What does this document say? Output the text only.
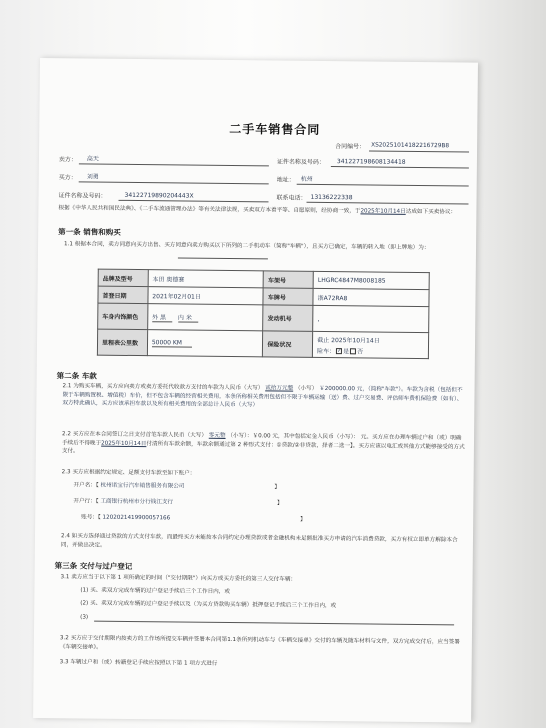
二手车销售合同
合同编号： XS20251014182216729B8
卖方： 高天	证件名称及号码： 341227198608134418
买方： 刘勇	地址： 杭州
证件名称及号码：	34122719890204443X	联系电话： 13136222338
根据《中华人民共和国民法典》、《二手车流通管理办法》等有关法律法规，买卖双方本着平等、自愿原则，经协商一致，于2025年10月14日达成如下买卖协议：
第一条 销售和购买
1.1 根据本合同，卖方同意向买方出售、买方同意向卖方购买以下所列的二手机动车（简称"车辆"），且买方已确定，车辆的转入地（即上牌地）为：
品牌及型号	本田 奥德赛	车架号	LHGRC4847M8008185
首登日期	2021年02月01日	车牌号	浙A72RA8
车身内饰颜色	外 黑 内 米	发动机号	，
里程表公里数	50000 KM	保险状况	截止 2025年10月14日
险车： ✓ 是 否
第二条 车款
2.1 为购买车辆，买方应向卖方或卖方委托代收款方支付的车款为人民币（大写） 贰拾万元整 （小写） ￥200000.00 元，（简称"车款"）。车款为含税（包括但不限于车辆购置税、增值税）车价，但不包含车辆的经营相关费用，本条所称相关费用包括但不限于车辆运输（送）费、过户交易费、评估师车费机保险费（如有）、双方特此确认，买方应该承担车款以及所有相关费用的全部总计人民币（大写）
2.2 买方应在本合同签订之日支付首笔车款人民币（大写） 零元整 （小写）：￥0.00 元，其中包括定金人民币（小写）： 元。买方应在办理车辆过户和（或）明确手续后不得晚于2025年10月14日付清所有车款余额，车款余额通过第 2 种形式支付：①贷款/②非贷款，择者二选一】。买方应该以电汇或其他方式能够接受的方式支付。
2.3 买方应根据约定规定、足额支付车款至如下账户：
开户名：【 杭州诺宝行汽车销售服务有限公司	】
开户行：【 工商银行杭州市分行钱江支行	】
账号：【 1202021419900057166	】
2.4 如买方选择通过贷款的方式支付车款，而最终买方未能按本合同约定办理贷款或者金融机构未足额批准买方申请的汽车消费贷款，买方有权立即单方解除本合同，并做出决定。
第三条 交付与过户登记
3.1 卖方应当于以下第 1 项所确定的时间（"交付期限"）向买方或买方委托的第三人交付车辆：
(1) 买、卖双方完成车辆的过户登记手续后三个工作日内，或
(2) 买、卖双方完成车辆的过户登记手续以及（为买方贷款购买车辆）抵押登记手续后三个工作日内，或
(3)
3.2 买方应于交付期限内按卖方的工作场所提交车辆并签署本合同第1.1条所列机动车与《车辆交接单》交付的车辆及随车材料与文件，双方完成交付后，应当签署《车辆交接单》。
3.3 车辆过户和（或）转籍登记手续应按照以下第 1 项方式进行
